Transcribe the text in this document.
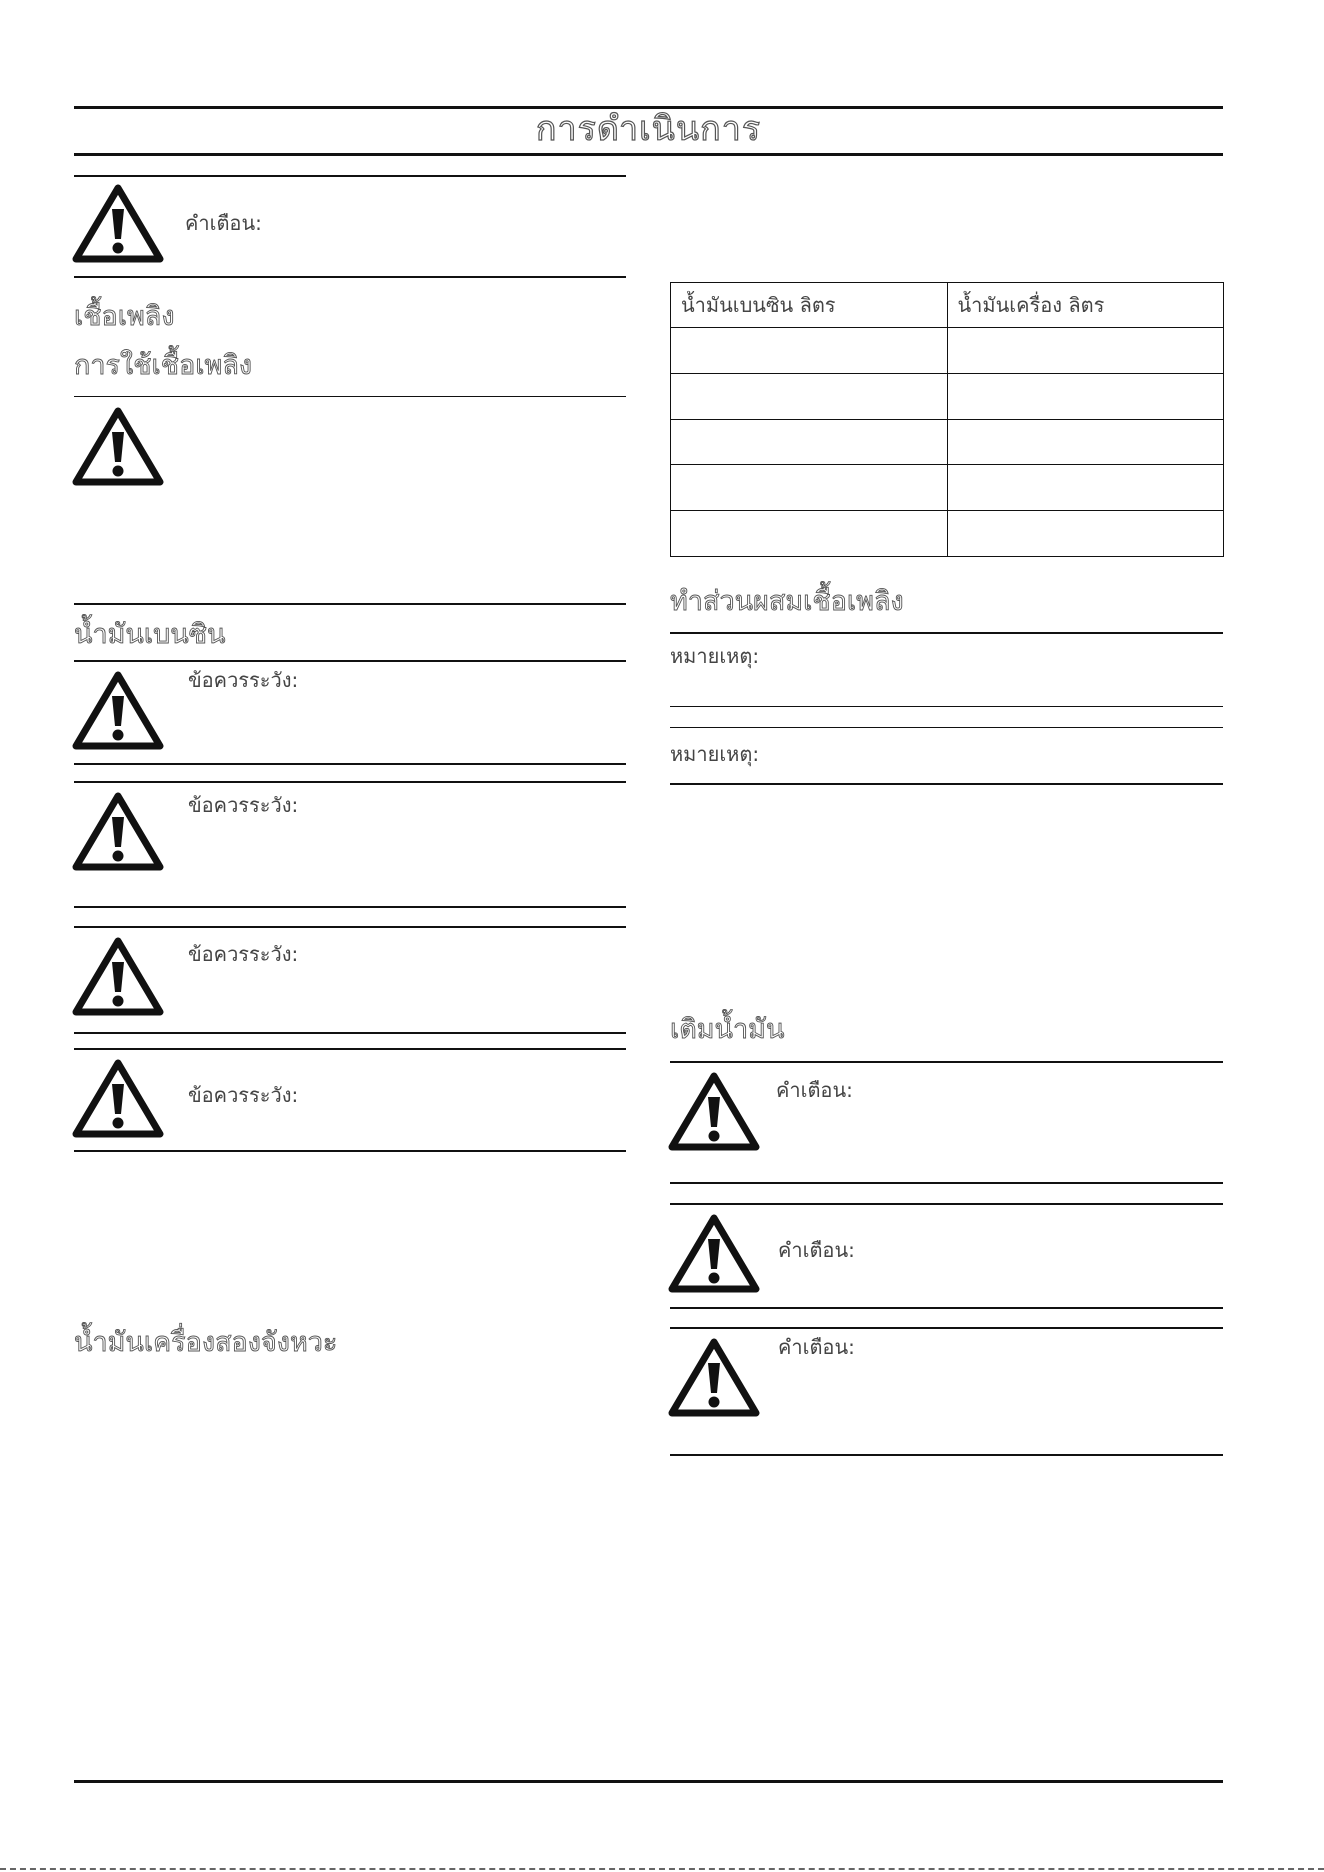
การดำเนินการ
คำเตือน:
เชื้อเพลิง
การใช้เชื้อเพลิง
น้ำมันเบนซิน
ข้อควรระวัง:
ข้อควรระวัง:
ข้อควรระวัง:
ข้อควรระวัง:
น้ำมันเครื่องสองจังหวะ
น้ำมันเบนซิน ลิตร	น้ำมันเครื่อง ลิตร

ทำส่วนผสมเชื้อเพลิง
หมายเหตุ:
หมายเหตุ:
เติมน้ำมัน
คำเตือน:
คำเตือน:
คำเตือน:
